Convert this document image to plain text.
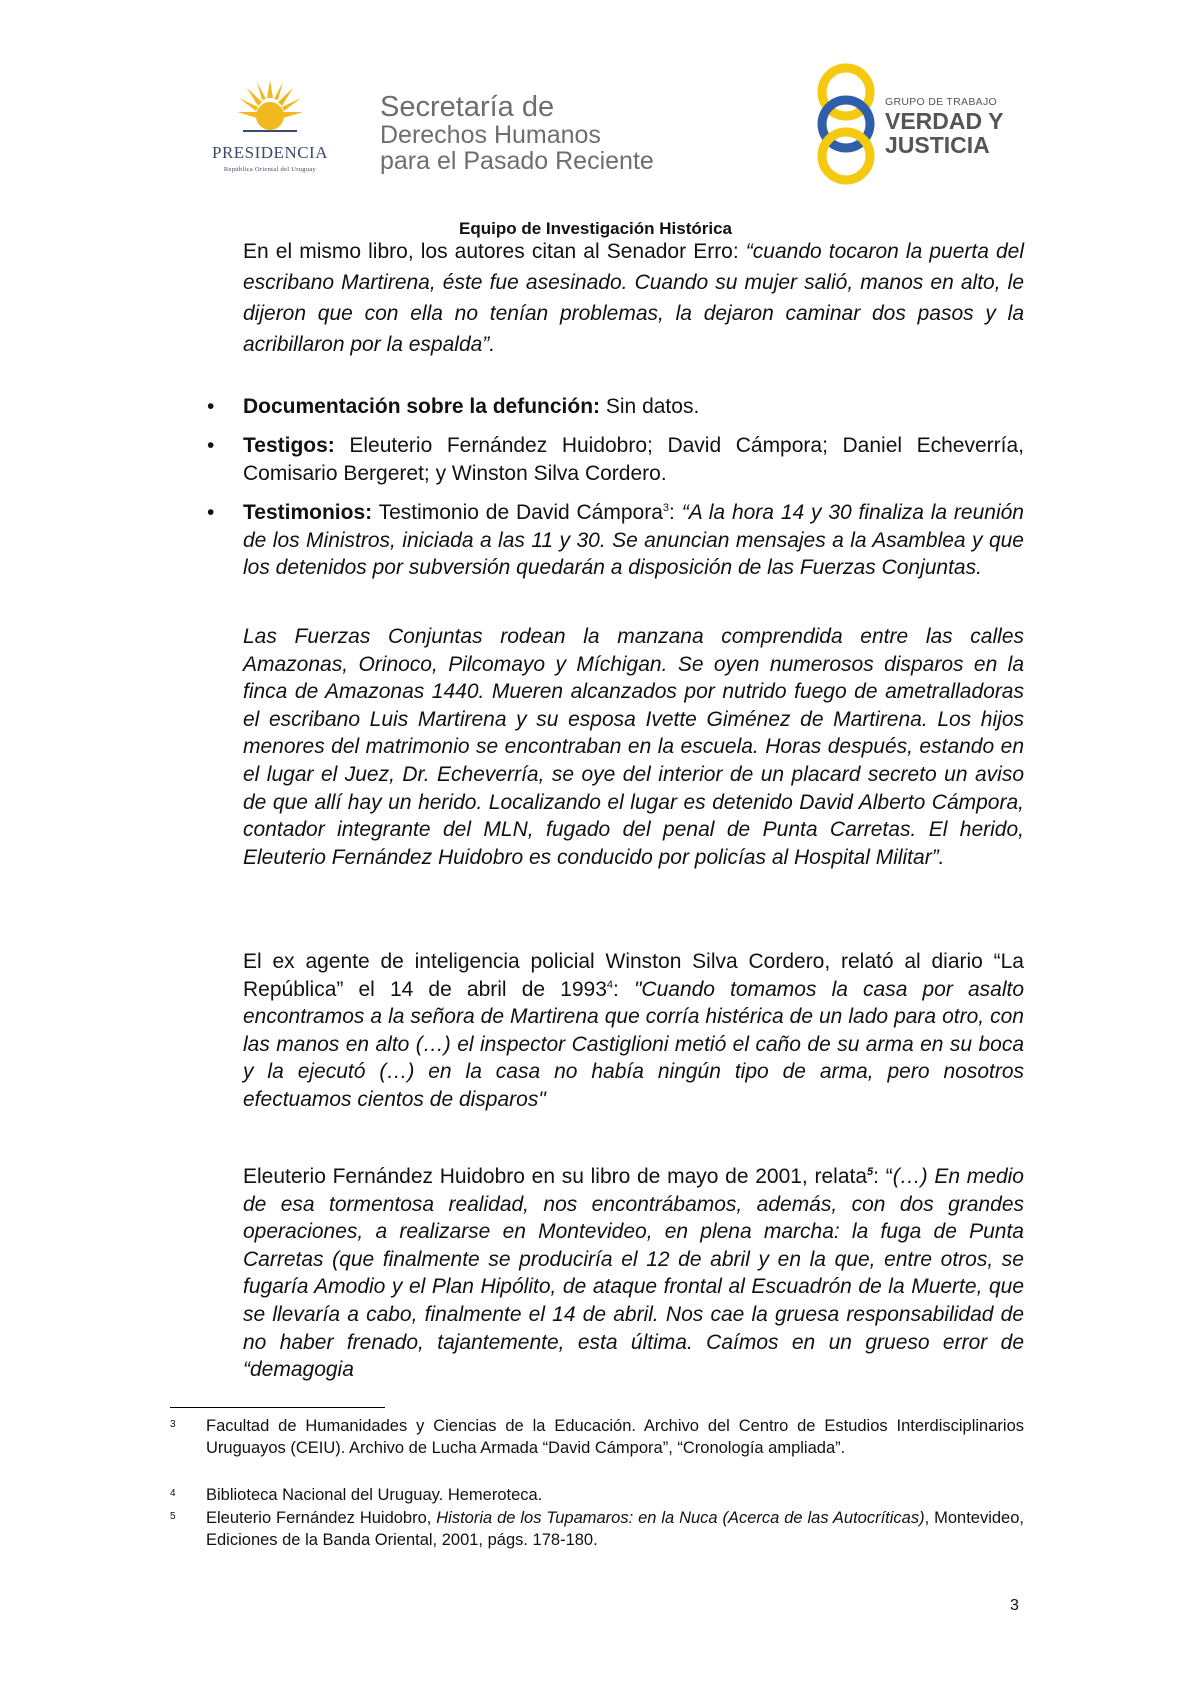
PRESIDENCIA
República Oriental del Uruguay
Secretaría de
Derechos Humanos
para el Pasado Reciente
GRUPO DE TRABAJO
VERDAD Y
JUSTICIA
Equipo de Investigación Histórica
En el mismo libro, los autores citan al Senador Erro: “cuando tocaron la puerta del escribano Martirena, éste fue asesinado. Cuando su mujer salió, manos en alto, le dijeron que con ella no tenían problemas, la dejaron caminar dos pasos y la acribillaron por la espalda”.
• Documentación sobre la defunción: Sin datos.
• Testigos: Eleuterio Fernández Huidobro; David Cámpora; Daniel Echeverría, Comisario Bergeret; y Winston Silva Cordero.
• Testimonios: Testimonio de David Cámpora$^3$: “A la hora 14 y 30 finaliza la reunión de los Ministros, iniciada a las 11 y 30. Se anuncian mensajes a la Asamblea y que los detenidos por subversión quedarán a disposición de las Fuerzas Conjuntas.
Las Fuerzas Conjuntas rodean la manzana comprendida entre las calles Amazonas, Orinoco, Pilcomayo y Míchigan. Se oyen numerosos disparos en la finca de Amazonas 1440. Mueren alcanzados por nutrido fuego de ametralladoras el escribano Luis Martirena y su esposa Ivette Giménez de Martirena. Los hijos menores del matrimonio se encontraban en la escuela. Horas después, estando en el lugar el Juez, Dr. Echeverría, se oye del interior de un placard secreto un aviso de que allí hay un herido. Localizando el lugar es detenido David Alberto Cámpora, contador integrante del MLN, fugado del penal de Punta Carretas. El herido, Eleuterio Fernández Huidobro es conducido por policías al Hospital Militar”.
El ex agente de inteligencia policial Winston Silva Cordero, relató al diario “La República” el 14 de abril de 1993$^4$: "Cuando tomamos la casa por asalto encontramos a la señora de Martirena que corría histérica de un lado para otro, con las manos en alto (…) el inspector Castiglioni metió el caño de su arma en su boca y la ejecutó (…) en la casa no había ningún tipo de arma, pero nosotros efectuamos cientos de disparos"
Eleuterio Fernández Huidobro en su libro de mayo de 2001, relata$^5$: “(…) En medio de esa tormentosa realidad, nos encontrábamos, además, con dos grandes operaciones, a realizarse en Montevideo, en plena marcha: la fuga de Punta Carretas (que finalmente se produciría el 12 de abril y en la que, entre otros, se fugaría Amodio y el Plan Hipólito, de ataque frontal al Escuadrón de la Muerte, que se llevaría a cabo, finalmente el 14 de abril. Nos cae la gruesa responsabilidad de no haber frenado, tajantemente, esta última. Caímos en un grueso error de “demagogia
3 Facultad de Humanidades y Ciencias de la Educación. Archivo del Centro de Estudios Interdisciplinarios Uruguayos (CEIU). Archivo de Lucha Armada “David Cámpora”, “Cronología ampliada”.
4 Biblioteca Nacional del Uruguay. Hemeroteca.
5 Eleuterio Fernández Huidobro, Historia de los Tupamaros: en la Nuca (Acerca de las Autocríticas), Montevideo, Ediciones de la Banda Oriental, 2001, págs. 178-180.
3
